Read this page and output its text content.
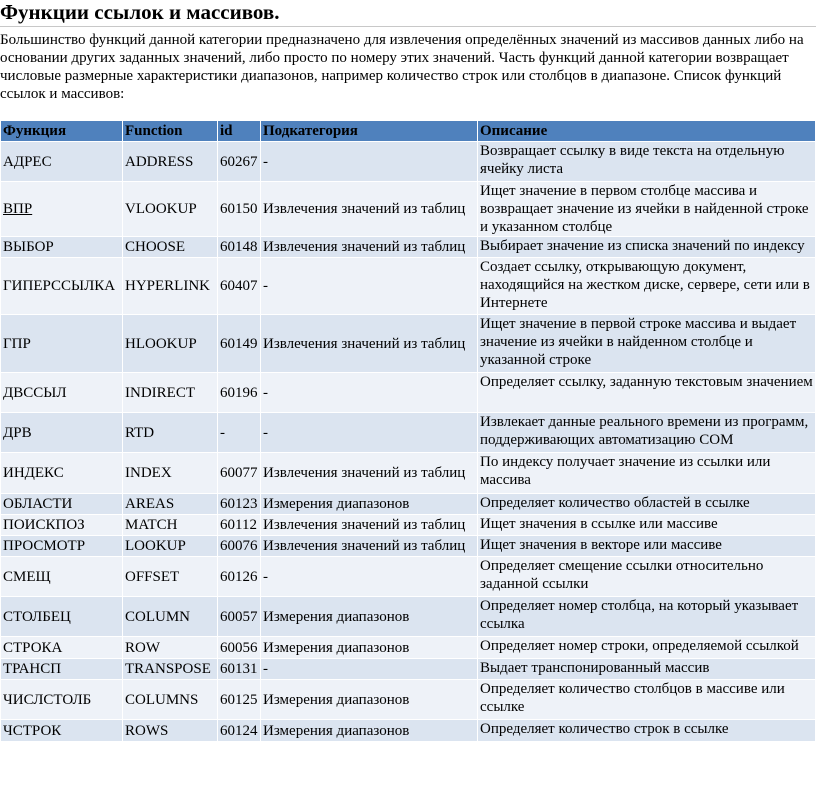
Функции ссылок и массивов.
Большинство функций данной категории предназначено для извлечения определённых значений из массивов данных либо на основании других заданных значений, либо просто по номеру этих значений. Часть функций данной категории возвращает числовые размерные характеристики диапазонов, например количество строк или столбцов в диапазоне. Список функций ссылок и массивов:
Функция	Function	id	Подкатегория	Описание
АДРЕС	ADDRESS	60267	-	Возвращает ссылку в виде текста на отдельную ячейку листа
ВПР	VLOOKUP	60150	Извлечения значений из таблиц	Ищет значение в первом столбце массива и возвращает значение из ячейки в найденной строке и указанном столбце
ВЫБОР	CHOOSE	60148	Извлечения значений из таблиц	Выбирает значение из списка значений по индексу
ГИПЕРССЫЛКА	HYPERLINK	60407	-	Создает ссылку, открывающую документ, находящийся на жестком диске, сервере, сети или в Интернете
ГПР	HLOOKUP	60149	Извлечения значений из таблиц	Ищет значение в первой строке массива и выдает значение из ячейки в найденном столбце и указанной строке
ДВССЫЛ	INDIRECT	60196	-	Определяет ссылку, заданную текстовым значением
ДРВ	RTD	-	-	Извлекает данные реального времени из программ, поддерживающих автоматизацию COM
ИНДЕКС	INDEX	60077	Извлечения значений из таблиц	По индексу получает значение из ссылки или массива
ОБЛАСТИ	AREAS	60123	Измерения диапазонов	Определяет количество областей в ссылке
ПОИСКПОЗ	MATCH	60112	Извлечения значений из таблиц	Ищет значения в ссылке или массиве
ПРОСМОТР	LOOKUP	60076	Извлечения значений из таблиц	Ищет значения в векторе или массиве
СМЕЩ	OFFSET	60126	-	Определяет смещение ссылки относительно заданной ссылки
СТОЛБЕЦ	COLUMN	60057	Измерения диапазонов	Определяет номер столбца, на который указывает ссылка
СТРОКА	ROW	60056	Измерения диапазонов	Определяет номер строки, определяемой ссылкой
ТРАНСП	TRANSPOSE	60131	-	Выдает транспонированный массив
ЧИСЛСТОЛБ	COLUMNS	60125	Измерения диапазонов	Определяет количество столбцов в массиве или ссылке
ЧСТРОК	ROWS	60124	Измерения диапазонов	Определяет количество строк в ссылке
